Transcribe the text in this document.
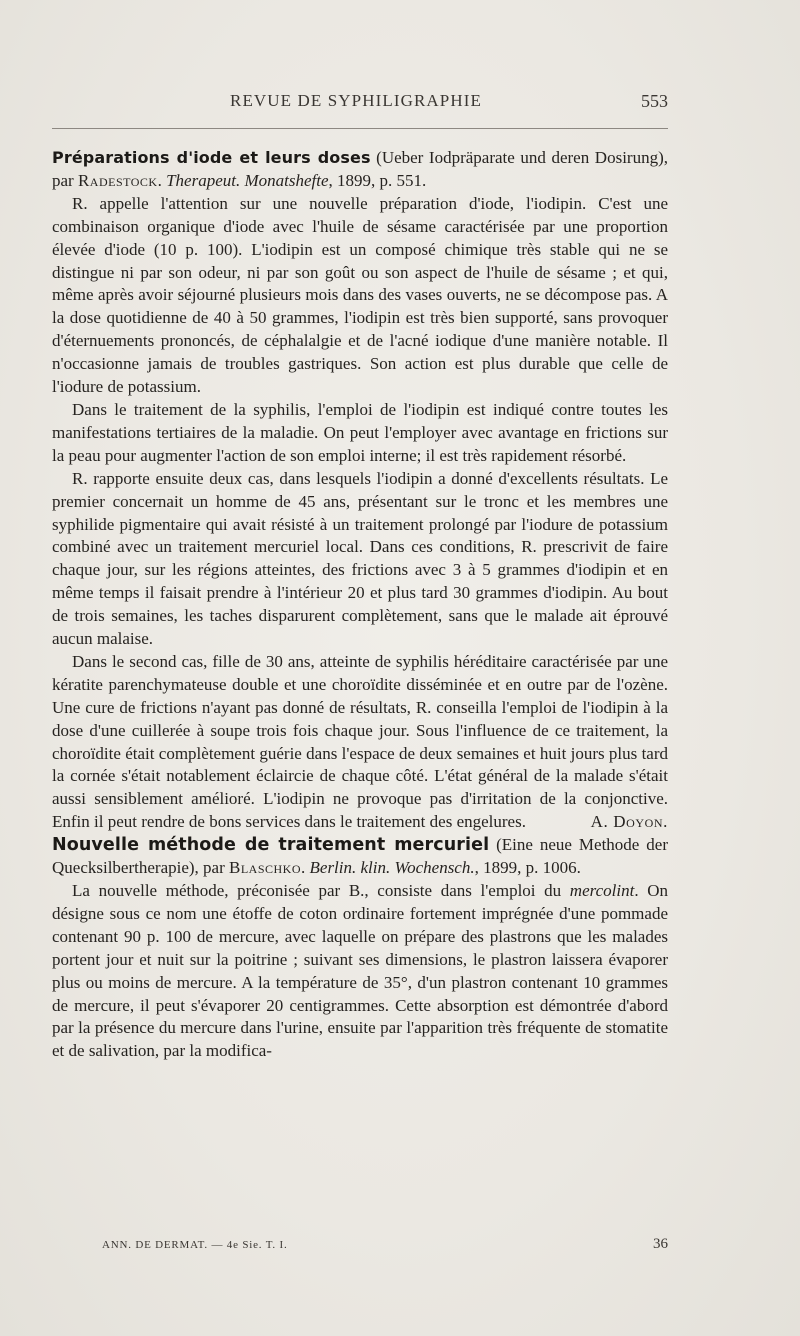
REVUE DE SYPHILIGRAPHIE	553

Préparations d'iode et leurs doses (Ueber Iodpräparate und deren Dosirung), par Radestock. Therapeut. Monatshefte, 1899, p. 551.

R. appelle l'attention sur une nouvelle préparation d'iode, l'iodipin. C'est une combinaison organique d'iode avec l'huile de sésame caractérisée par une proportion élevée d'iode (10 p. 100). L'iodipin est un composé chimique très stable qui ne se distingue ni par son odeur, ni par son goût ou son aspect de l'huile de sésame ; et qui, même après avoir séjourné plusieurs mois dans des vases ouverts, ne se décompose pas. A la dose quotidienne de 40 à 50 grammes, l'iodipin est très bien supporté, sans provoquer d'éternuements prononcés, de céphalalgie et de l'acné iodique d'une manière notable. Il n'occasionne jamais de troubles gastriques. Son action est plus durable que celle de l'iodure de potassium.

Dans le traitement de la syphilis, l'emploi de l'iodipin est indiqué contre toutes les manifestations tertiaires de la maladie. On peut l'employer avec avantage en frictions sur la peau pour augmenter l'action de son emploi interne; il est très rapidement résorbé.

R. rapporte ensuite deux cas, dans lesquels l'iodipin a donné d'excellents résultats. Le premier concernait un homme de 45 ans, présentant sur le tronc et les membres une syphilide pigmentaire qui avait résisté à un traitement prolongé par l'iodure de potassium combiné avec un traitement mercuriel local. Dans ces conditions, R. prescrivit de faire chaque jour, sur les régions atteintes, des frictions avec 3 à 5 grammes d'iodipin et en même temps il faisait prendre à l'intérieur 20 et plus tard 30 grammes d'iodipin. Au bout de trois semaines, les taches disparurent complètement, sans que le malade ait éprouvé aucun malaise.

Dans le second cas, fille de 30 ans, atteinte de syphilis héréditaire caractérisée par une kératite parenchymateuse double et une choroïdite disséminée et en outre par de l'ozène. Une cure de frictions n'ayant pas donné de résultats, R. conseilla l'emploi de l'iodipin à la dose d'une cuillerée à soupe trois fois chaque jour. Sous l'influence de ce traitement, la choroïdite était complètement guérie dans l'espace de deux semaines et huit jours plus tard la cornée s'était notablement éclaircie de chaque côté. L'état général de la malade s'était aussi sensiblement amélioré. L'iodipin ne provoque pas d'irritation de la conjonctive. Enfin il peut rendre de bons services dans le traitement des engelures.	A. Doyon.

Nouvelle méthode de traitement mercuriel (Eine neue Methode der Quecksilbertherapie), par Blaschko. Berlin. klin. Wochensch., 1899, p. 1006.

La nouvelle méthode, préconisée par B., consiste dans l'emploi du mercolint. On désigne sous ce nom une étoffe de coton ordinaire fortement imprégnée d'une pommade contenant 90 p. 100 de mercure, avec laquelle on prépare des plastrons que les malades portent jour et nuit sur la poitrine ; suivant ses dimensions, le plastron laissera évaporer plus ou moins de mercure. A la température de 35°, d'un plastron contenant 10 grammes de mercure, il peut s'évaporer 20 centigrammes. Cette absorption est démontrée d'abord par la présence du mercure dans l'urine, ensuite par l'apparition très fréquente de stomatite et de salivation, par la modifica-

ANN. DE DERMAT. — 4e Sie. T. I.	36
